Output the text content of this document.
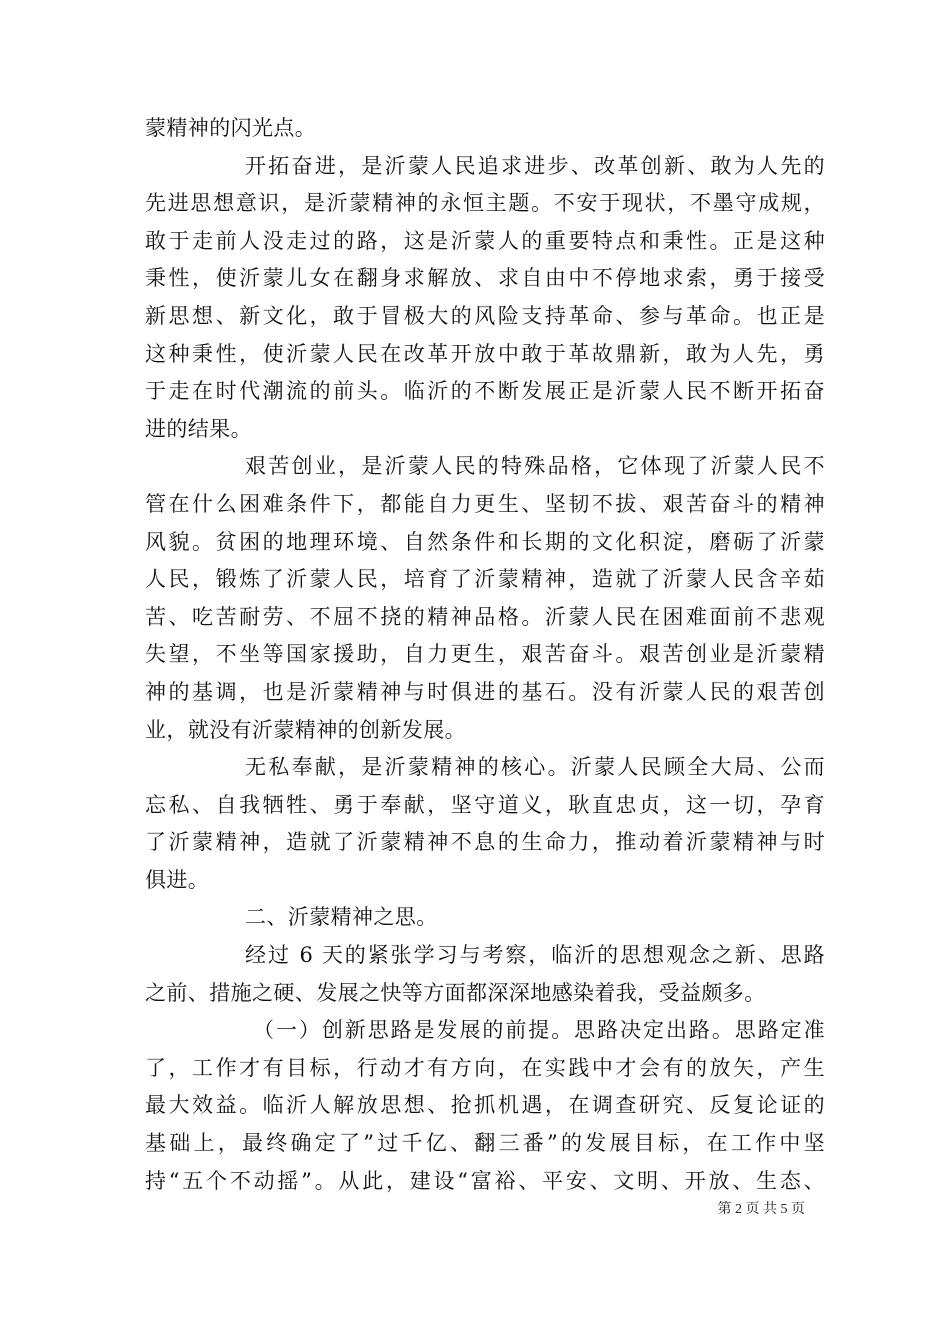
蒙精神的闪光点。
开拓奋进，是沂蒙人民追求进步、改革创新、敢为人先的
先进思想意识，是沂蒙精神的永恒主题。不安于现状，不墨守成规，
敢于走前人没走过的路，这是沂蒙人的重要特点和秉性。正是这种
秉性，使沂蒙儿女在翻身求解放、求自由中不停地求索，勇于接受
新思想、新文化，敢于冒极大的风险支持革命、参与革命。也正是
这种秉性，使沂蒙人民在改革开放中敢于革故鼎新，敢为人先，勇
于走在时代潮流的前头。临沂的不断发展正是沂蒙人民不断开拓奋
进的结果。
艰苦创业，是沂蒙人民的特殊品格，它体现了沂蒙人民不
管在什么困难条件下，都能自力更生、坚韧不拔、艰苦奋斗的精神
风貌。贫困的地理环境、自然条件和长期的文化积淀，磨砺了沂蒙
人民，锻炼了沂蒙人民，培育了沂蒙精神，造就了沂蒙人民含辛茹
苦、吃苦耐劳、不屈不挠的精神品格。沂蒙人民在困难面前不悲观
失望，不坐等国家援助，自力更生，艰苦奋斗。艰苦创业是沂蒙精
神的基调，也是沂蒙精神与时俱进的基石。没有沂蒙人民的艰苦创
业，就没有沂蒙精神的创新发展。
无私奉献，是沂蒙精神的核心。沂蒙人民顾全大局、公而
忘私、自我牺牲、勇于奉献，坚守道义，耿直忠贞，这一切，孕育
了沂蒙精神，造就了沂蒙精神不息的生命力，推动着沂蒙精神与时
俱进。
二、沂蒙精神之思。
经过 6 天的紧张学习与考察，临沂的思想观念之新、思路
之前、措施之硬、发展之快等方面都深深地感染着我，受益颇多。
（一）创新思路是发展的前提。思路决定出路。思路定准
了，工作才有目标，行动才有方向，在实践中才会有的放矢，产生
最大效益。临沂人解放思想、抢抓机遇，在调查研究、反复论证的
基础上，最终确定了”过千亿、翻三番”的发展目标，在工作中坚
持“五个不动摇”。从此，建设“富裕、平安、文明、开放、生态、
第 2 页 共 5 页
